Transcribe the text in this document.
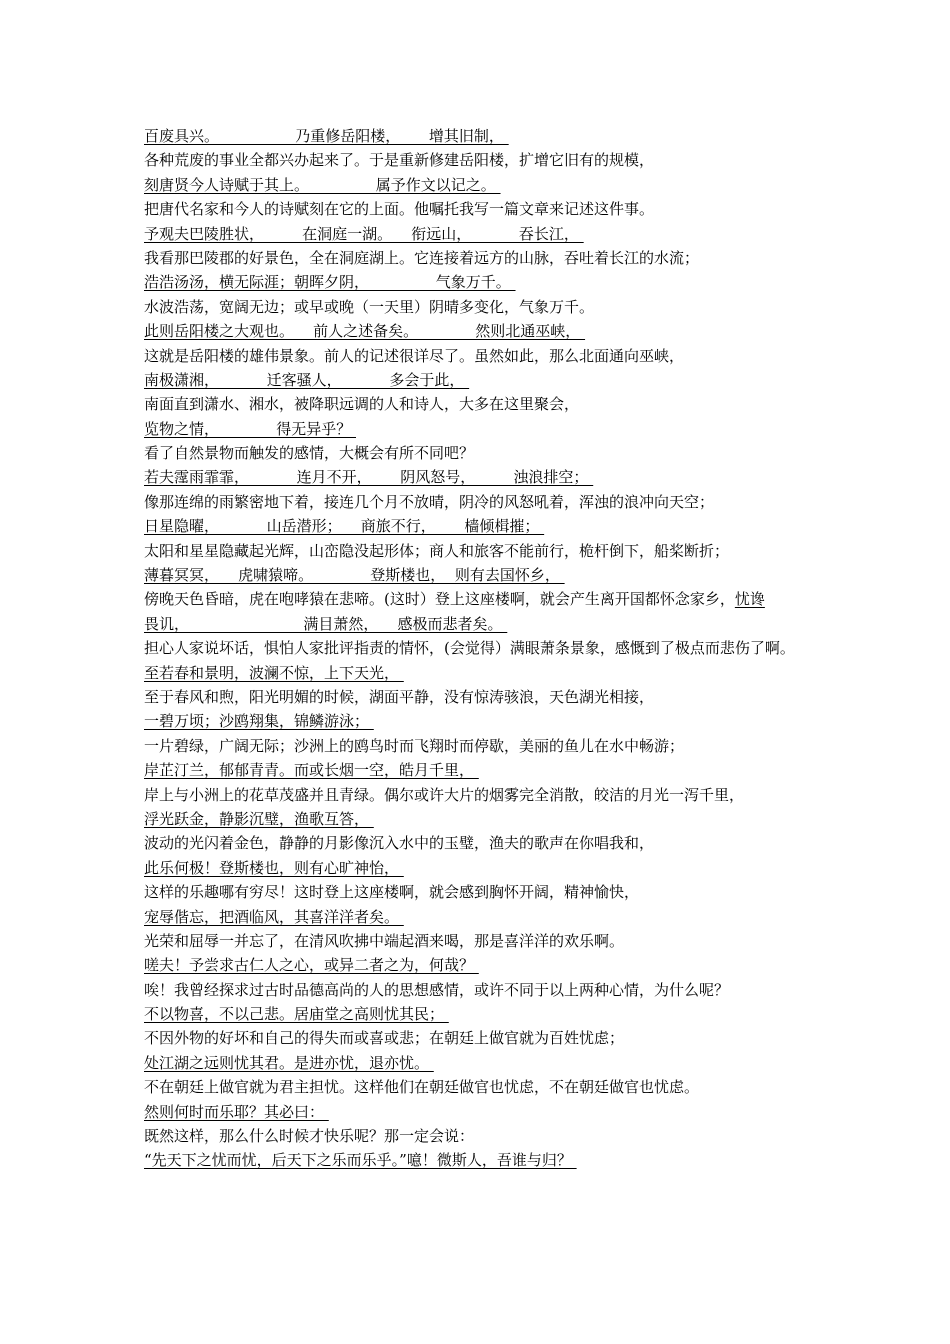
百废具兴。                乃重修岳阳楼，      增其旧制，
各种荒废的事业全都兴办起来了。于是重新修建岳阳楼，扩增它旧有的规模，
刻唐贤今人诗赋于其上。              属予作文以记之。
把唐代名家和今人的诗赋刻在它的上面。他嘱托我写一篇文章来记述这件事。
予观夫巴陵胜状，        在洞庭一湖。    衔远山，          吞长江，
我看那巴陵郡的好景色，全在洞庭湖上。它连接着远方的山脉，吞吐着长江的水流；
浩浩汤汤，横无际涯；朝晖夕阴，              气象万千。
水波浩荡，宽阔无边；或早或晚（一天里）阴晴多变化，气象万千。
此则岳阳楼之大观也。    前人之述备矣。            然则北通巫峡，
这就是岳阳楼的雄伟景象。前人的记述很详尽了。虽然如此，那么北面通向巫峡，
南极潇湘，          迁客骚人，          多会于此，
南面直到潇水、湘水，被降职远调的人和诗人，大多在这里聚会，
览物之情，            得无异乎？
看了自然景物而触发的感情，大概会有所不同吧？
若夫霪雨霏霏，          连月不开，      阴风怒号，        浊浪排空；
像那连绵的雨繁密地下着，接连几个月不放晴，阴冷的风怒吼着，浑浊的浪冲向天空；
日星隐曜，          山岳潜形；    商旅不行，      樯倾楫摧；
太阳和星星隐藏起光辉，山峦隐没起形体；商人和旅客不能前行，桅杆倒下，船桨断折；
薄暮冥冥，    虎啸猿啼。            登斯楼也，  则有去国怀乡，
傍晚天色昏暗，虎在咆哮猿在悲啼。(这时）登上这座楼啊，就会产生离开国都怀念家乡，忧谗
畏讥，                        满目萧然，    感极而悲者矣。
担心人家说坏话，惧怕人家批评指责的情怀，(会觉得）满眼萧条景象，感慨到了极点而悲伤了啊。
至若春和景明，波澜不惊，上下天光，
至于春风和煦，阳光明媚的时候，湖面平静，没有惊涛骇浪，天色湖光相接，
一碧万顷；沙鸥翔集，锦鳞游泳；
一片碧绿，广阔无际；沙洲上的鸥鸟时而飞翔时而停歇，美丽的鱼儿在水中畅游；
岸芷汀兰，郁郁青青。而或长烟一空，皓月千里，
岸上与小洲上的花草茂盛并且青绿。偶尔或许大片的烟雾完全消散，皎洁的月光一泻千里，
浮光跃金，静影沉璧，渔歌互答，
波动的光闪着金色，静静的月影像沉入水中的玉璧，渔夫的歌声在你唱我和，
此乐何极！登斯楼也，则有心旷神怡，
这样的乐趣哪有穷尽！这时登上这座楼啊，就会感到胸怀开阔，精神愉快，
宠辱偕忘，把酒临风，其喜洋洋者矣。
光荣和屈辱一并忘了，在清风吹拂中端起酒来喝，那是喜洋洋的欢乐啊。
嗟夫！予尝求古仁人之心，或异二者之为，何哉？
唉！我曾经探求过古时品德高尚的人的思想感情，或许不同于以上两种心情，为什么呢？
不以物喜，不以己悲。居庙堂之高则忧其民；
不因外物的好坏和自己的得失而或喜或悲；在朝廷上做官就为百姓忧虑；
处江湖之远则忧其君。是进亦忧，退亦忧。
不在朝廷上做官就为君主担忧。这样他们在朝廷做官也忧虑，不在朝廷做官也忧虑。
然则何时而乐耶？其必曰：
既然这样，那么什么时候才快乐呢？那一定会说：
“先天下之忧而忧，后天下之乐而乐乎。”噫！微斯人，吾谁与归？
